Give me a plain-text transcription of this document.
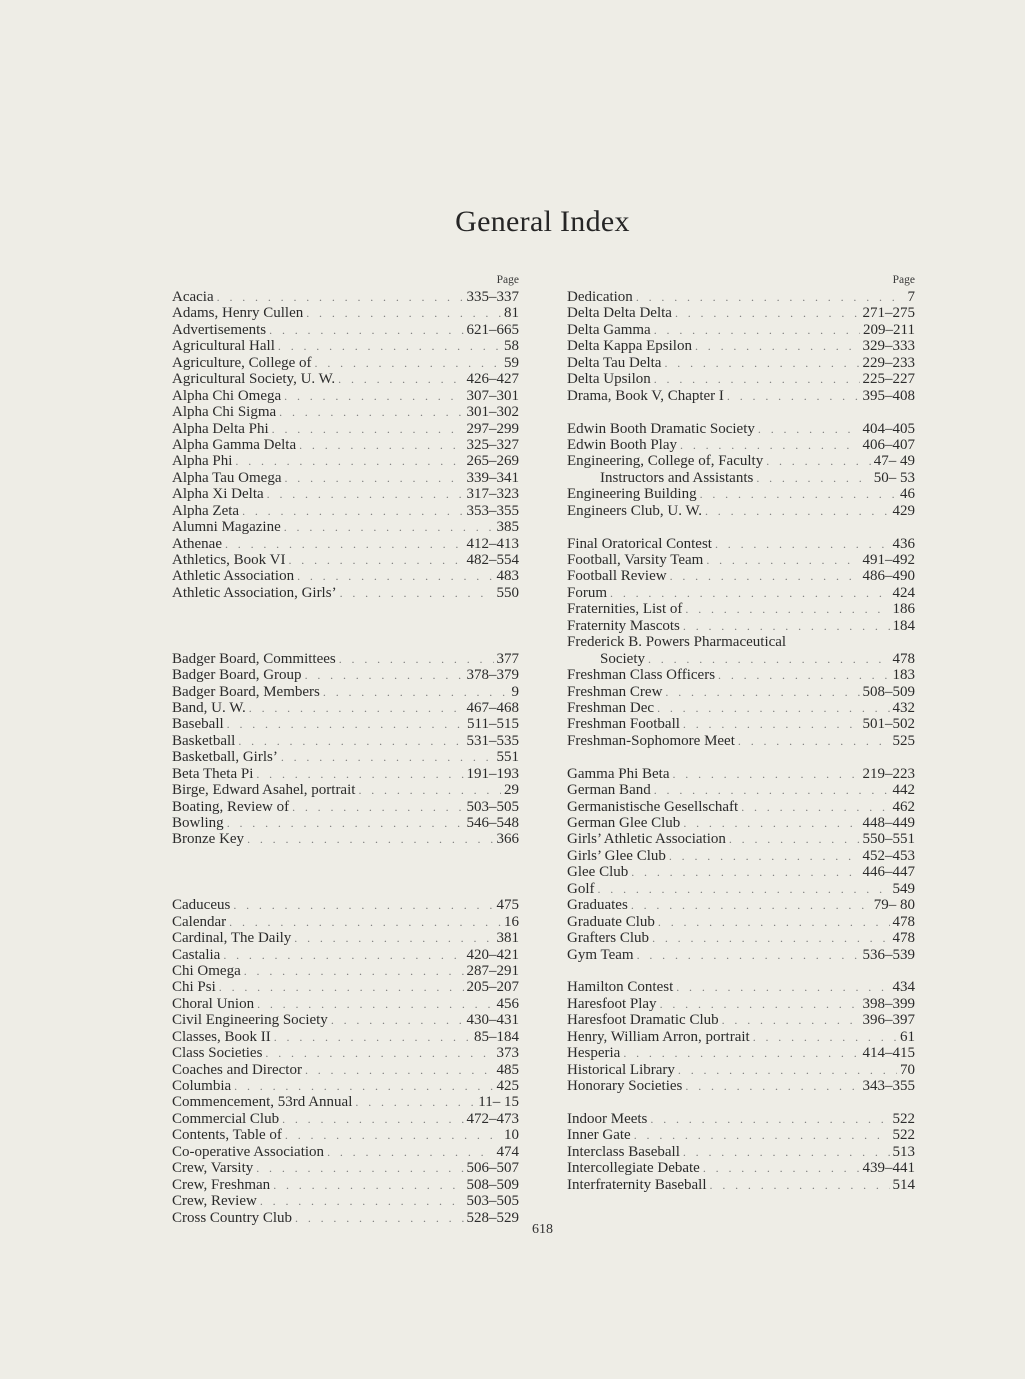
General Index
Page
Acacia . . .	335–337
Adams, Henry Cullen . . .	81
Advertisements . . .	621–665
Agricultural Hall . . .	58
Agriculture, College of . . .	59
Agricultural Society, U. W. . . .	426–427
Alpha Chi Omega . . .	307–301
Alpha Chi Sigma . . .	301–302
Alpha Delta Phi . . .	297–299
Alpha Gamma Delta . . .	325–327
Alpha Phi . . .	265–269
Alpha Tau Omega . . .	339–341
Alpha Xi Delta . . .	317–323
Alpha Zeta . . .	353–355
Alumni Magazine . . .	385
Athenae . . .	412–413
Athletics, Book VI . . .	482–554
Athletic Association . . .	483
Athletic Association, Girls’ . . .	550
Badger Board, Committees . . .	377
Badger Board, Group . . .	378–379
Badger Board, Members . . .	9
Band, U. W. . . .	467–468
Baseball . . .	511–515
Basketball . . .	531–535
Basketball, Girls’ . . .	551
Beta Theta Pi . . .	191–193
Birge, Edward Asahel, portrait . . .	29
Boating, Review of . . .	503–505
Bowling . . .	546–548
Bronze Key . . .	366
Caduceus . . .	475
Calendar . . .	16
Cardinal, The Daily . . .	381
Castalia . . .	420–421
Chi Omega . . .	287–291
Chi Psi . . .	205–207
Choral Union . . .	456
Civil Engineering Society . . .	430–431
Classes, Book II . . .	85–184
Class Societies . . .	373
Coaches and Director . . .	485
Columbia . . .	425
Commencement, 53rd Annual . . .	11– 15
Commercial Club . . .	472–473
Contents, Table of . . .	10
Co-operative Association . . .	474
Crew, Varsity . . .	506–507
Crew, Freshman . . .	508–509
Crew, Review . . .	503–505
Cross Country Club . . .	528–529
Page
Dedication . . .	7
Delta Delta Delta . . .	271–275
Delta Gamma . . .	209–211
Delta Kappa Epsilon . . .	329–333
Delta Tau Delta . . .	229–233
Delta Upsilon . . .	225–227
Drama, Book V, Chapter I . . .	395–408
Edwin Booth Dramatic Society . . .	404–405
Edwin Booth Play . . .	406–407
Engineering, College of, Faculty . . .	47– 49
Instructors and Assistants . . .	50– 53
Engineering Building . . .	46
Engineers Club, U. W. . . .	429
Final Oratorical Contest . . .	436
Football, Varsity Team . . .	491–492
Football Review . . .	486–490
Forum . . .	424
Fraternities, List of . . .	186
Fraternity Mascots . . .	184
Frederick B. Powers Pharmaceutical
Society . . .	478
Freshman Class Officers . . .	183
Freshman Crew . . .	508–509
Freshman Dec . . .	432
Freshman Football . . .	501–502
Freshman-Sophomore Meet . . .	525
Gamma Phi Beta . . .	219–223
German Band . . .	442
Germanistische Gesellschaft . . .	462
German Glee Club . . .	448–449
Girls’ Athletic Association . . .	550–551
Girls’ Glee Club . . .	452–453
Glee Club . . .	446–447
Golf . . .	549
Graduates . . .	79– 80
Graduate Club . . .	478
Grafters Club . . .	478
Gym Team . . .	536–539
Hamilton Contest . . .	434
Haresfoot Play . . .	398–399
Haresfoot Dramatic Club . . .	396–397
Henry, William Arron, portrait . . .	61
Hesperia . . .	414–415
Historical Library . . .	70
Honorary Societies . . .	343–355
Indoor Meets . . .	522
Inner Gate . . .	522
Interclass Baseball . . .	513
Intercollegiate Debate . . .	439–441
Interfraternity Baseball . . .	514
618
